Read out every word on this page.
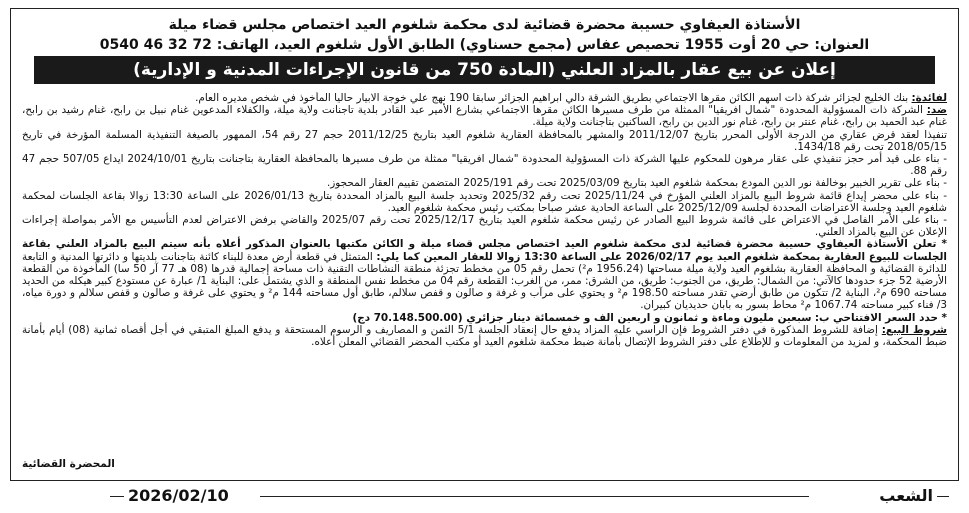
الأستاذة العيفاوي حسيبة محضرة قضائية لدى محكمة شلغوم العيد اختصاص مجلس قضاء ميلة
العنوان: حي 20 أوت 1955 تحصيص عفاس (مجمع حسناوي) الطابق الأول شلغوم العيد، الهاتف: 72 32 46 0540
إعلان عن بيع عقار بالمزاد العلني (المادة 750 من قانون الإجراءات المدنية و الإدارية)

لفائدة: بنك الخليج لجزائر شركة ذات اسهم الكائن مقرها الاجتماعي بطريق الشرقة دالي ابراهيم الجزائر سابقا 190 نهج علي خوجة الابيار حاليا المأخوذ في شخص مديره العام.

ضد: الشركة ذات المسؤولية المحدودة "شمال افريقيا" الممثلة من طرف مسيرها الكائن مقرها الاجتماعي بشارع الأمير عبد القادر بلدية تاجنانت ولاية ميلة، والكفلاء المدعوين غنام نبيل بن رابح، غنام رشيد بن رابح، غنام عبد الحميد بن رابح، غنام عنتر بن رابح، غنام نور الدين بن رابح، الساكنين بتاجنانت ولاية ميلة.

تنفيذا لعقد قرض عقاري من الدرجة الأولى المحرر بتاريخ 2011/12/07 والمشهر بالمحافظة العقارية شلغوم العيد بتاريخ 2011/12/25 حجم 27 رقم 54، الممهور بالصيغة التنفيذية المسلمة المؤرخة في تاريخ 2018/05/15 تحت رقم 1434/18.

- بناء على قيد أمر حجز تنفيذي على عقار مرهون للمحكوم عليها الشركة ذات المسؤولية المحدودة "شمال افريقيا" ممثلة من طرف مسيرها بالمحافظة العقارية بتاجنانت بتاريخ 2024/10/01 ايداع 507/05 حجم 47 رقم 88.

- بناء على تقرير الخبير بوخالفة نور الدين المودع بمحكمة شلغوم العيد بتاريخ 2025/03/09 تحت رقم 2025/191 المتضمن تقييم العقار المحجوز.

- بناء على محضر إيداع قائمة شروط البيع بالمزاد العلني المؤرخ في 2025/11/24 تحت رقم 2025/32 وتحديد جلسة البيع بالمزاد المحددة بتاريخ 2026/01/13 على الساعة 13:30 زوالا بقاعة الجلسات لمحكمة شلغوم العيد وجلسة الاعتراضات المحددة لجلسة 2025/12/09 على الساعة الحادية عشر صباحا بمكتب رئيس محكمة شلغوم العيد.

- بناء على الأمر الفاصل في الاعتراض على قائمة شروط البيع الصادر عن رئيس محكمة شلغوم العيد بتاريخ 2025/12/17 تحت رقم 2025/07 والقاضي برفض الاعتراض لعدم التأسيس مع الأمر بمواصلة إجراءات الإعلان عن البيع بالمزاد العلني.

* تعلن الأستاذة العيفاوي حسيبة محضرة قضائية لدى محكمة شلغوم العيد اختصاص مجلس قضاء ميلة و الكائن مكتبها بالعنوان المذكور أعلاه بأنه سيتم البيع بالمزاد العلني بقاعة الجلسات للبيوع العقارية بمحكمة شلغوم العيد يوم 2026/02/17 على الساعة 13:30 زوالا للعقار المعين كما يلي: المتمثل في قطعة أرض معدة للبناء كائنة بتاجنانت بلديتها و دائرتها المدنية و التابعة للدائرة القضائية و المحافظة العقارية بشلغوم العيد ولاية ميلة مساحتها (1956.24 م²) تحمل رقم 05 من مخطط تجزئة منطقة النشاطات التقنية ذات مساحة إجمالية قدرها (08 هـ 77 آر 50 سا) المأخوذة من القطعة الأرضية 52 جزء حدودها كالآتي: من الشمال: طريق، من الجنوب: طريق، من الشرق: ممر، من الغرب: القطعة رقم 04 من مخطط نفس المنطقة و الذي يشتمل على: البناية 1/ عبارة عن مستودع كبير هيكله من الحديد مساحته 690 م²، البناية 2/ تتكون من طابق أرضي تقدر مساحته 198.50 م² و يحتوي على مرآب و غرفة و صالون و قفص سلالم، طابق أول مساحته 144 م² و يحتوي على غرفة و صالون و قفص سلالم و دورة مياه، 3/ فناء كبير مساحته 1067.74 م² محاط بسور به بابان حديديان كبيران.

* حدد السعر الافتتاحي ب: سبعين مليون وماءة و ثمانون و اربعين الف و خمسمائة دينار جزائري (70.148.500.00 دج)

شروط البيع: إضافة للشروط المذكورة في دفتر الشروط فإن الراسي عليه المزاد يدفع حال إنعقاد الجلسة 5/1 الثمن و المصاريف و الرسوم المستحقة و يدفع المبلغ المتبقي في أجل أقصاه ثمانية (08) أيام بأمانة ضبط المحكمة، و لمزيد من المعلومات و للإطلاع على دفتر الشروط الإتصال بأمانة ضبط محكمة شلغوم العيد أو مكتب المحضر القضائي المعلن أعلاه.

المحضرة القضائية
2026/02/10	الشعب
